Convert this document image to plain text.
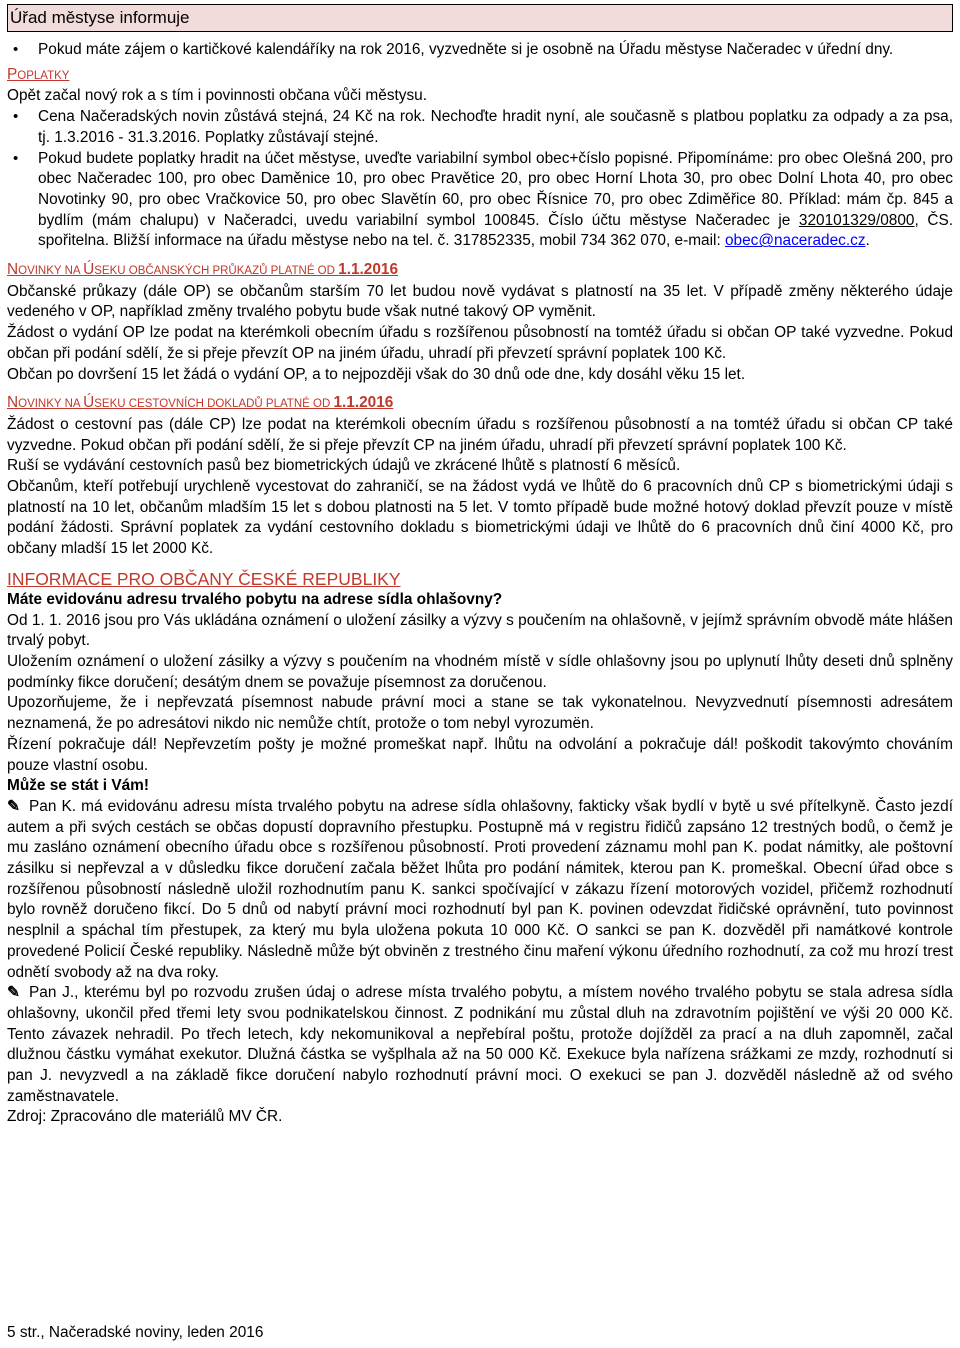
Úřad městyse informuje
• Pokud máte zájem o kartičkové kalendáříky na rok 2016, vyzvedněte si je osobně na Úřadu městyse Načeradec v úřední dny.

POPLATKY

Opět začal nový rok a s tím i povinnosti občana vůči městysu.

• Cena Načeradských novin zůstává stejná, 24 Kč na rok. Nechoďte hradit nyní, ale současně s platbou poplatku za odpady a za psa, tj. 1.3.2016 - 31.3.2016. Poplatky zůstávají stejné.
• Pokud budete poplatky hradit na účet městyse, uveďte variabilní symbol obec+číslo popisné. Připomínáme: pro obec Olešná 200, pro obec Načeradec 100, pro obec Daměnice 10, pro obec Pravětice 20, pro obec Horní Lhota 30, pro obec Dolní Lhota 40, pro obec Novotinky 90, pro obec Vračkovice 50, pro obec Slavětín 60, pro obec Řísnice 70, pro obec Zdiměřice 80. Příklad: mám čp. 845 a bydlím (mám chalupu) v Načeradci, uvedu variabilní symbol 100845. Číslo účtu městyse Načeradec je 320101329/0800, ČS. spořitelna. Bližší informace na úřadu městyse nebo na tel. č. 317852335, mobil 734 362 070, e-mail: obec@naceradec.cz.

NOVINKY NA ÚSEKU OBČANSKÝCH PRŮKAZŮ PLATNÉ OD 1.1.2016

Občanské průkazy (dále OP) se občanům starším 70 let budou nově vydávat s platností na 35 let. V případě změny některého údaje vedeného v OP, například změny trvalého pobytu bude však nutné takový OP vyměnit.

Žádost o vydání OP lze podat na kterémkoli obecním úřadu s rozšířenou působností na tomtéž úřadu si občan OP také vyzvedne. Pokud občan při podání sdělí, že si přeje převzít OP na jiném úřadu, uhradí při převzetí správní poplatek 100 Kč.

Občan po dovršení 15 let žádá o vydání OP, a to nejpozději však do 30 dnů ode dne, kdy dosáhl věku 15 let.

NOVINKY NA ÚSEKU CESTOVNÍCH DOKLADŮ PLATNÉ OD 1.1.2016

Žádost o cestovní pas (dále CP) lze podat na kterémkoli obecním úřadu s rozšířenou působností a na tomtéž úřadu si občan CP také vyzvedne. Pokud občan při podání sdělí, že si přeje převzít CP na jiném úřadu, uhradí při převzetí správní poplatek 100 Kč.

Ruší se vydávání cestovních pasů bez biometrických údajů ve zkrácené lhůtě s platností 6 měsíců.

Občanům, kteří potřebují urychleně vycestovat do zahraničí, se na žádost vydá ve lhůtě do 6 pracovních dnů CP s biometrickými údaji s platností na 10 let, občanům mladším 15 let s dobou platnosti na 5 let. V tomto případě bude možné hotový doklad převzít pouze v místě podání žádosti. Správní poplatek za vydání cestovního dokladu s biometrickými údaji ve lhůtě do 6 pracovních dnů činí 4000 Kč, pro občany mladší 15 let 2000 Kč.

INFORMACE PRO OBČANY ČESKÉ REPUBLIKY

Máte evidovánu adresu trvalého pobytu na adrese sídla ohlašovny?

Od 1. 1. 2016 jsou pro Vás ukládána oznámení o uložení zásilky a výzvy s poučením na ohlašovně, v jejímž správním obvodě máte hlášen trvalý pobyt.

Uložením oznámení o uložení zásilky a výzvy s poučením na vhodném místě v sídle ohlašovny jsou po uplynutí lhůty deseti dnů splněny podmínky fikce doručení; desátým dnem se považuje písemnost za doručenou.

Upozorňujeme, že i nepřevzatá písemnost nabude právní moci a stane se tak vykonatelnou. Nevyzvednutí písemnosti adresátem neznamená, že po adresátovi nikdo nic nemůže chtít, protože o tom nebyl vyrozumën.

Řízení pokračuje dál! Nepřevzetím pošty je možné promeškat např. lhůtu na odvolání a pokračuje dál! poškodit takovýmto chováním pouze vlastní osobu.

Může se stát i Vám!

✎ Pan K. má evidovánu adresu místa trvalého pobytu na adrese sídla ohlašovny, fakticky však bydlí v bytě u své přítelkyně. Často jezdí autem a při svých cestách se občas dopustí dopravního přestupku. Postupně má v registru řidičů zapsáno 12 trestných bodů, o čemž je mu zasláno oznámení obecního úřadu obce s rozšířenou působností. Proti provedení záznamu mohl pan K. podat námitky, ale poštovní zásilku si nepřevzal a v důsledku fikce doručení začala běžet lhůta pro podání námitek, kterou pan K. promeškal. Obecní úřad obce s rozšířenou působností následně uložil rozhodnutím panu K. sankci spočívající v zákazu řízení motorových vozidel, přičemž rozhodnutí bylo rovněž doručeno fikcí. Do 5 dnů od nabytí právní moci rozhodnutí byl pan K. povinen odevzdat řidičské oprávnění, tuto povinnost nesplnil a spáchal tím přestupek, za který mu byla uložena pokuta 10 000 Kč. O sankci se pan K. dozvěděl při namátkové kontrole provedené Policií České republiky. Následně může být obviněn z trestného činu maření výkonu úředního rozhodnutí, za což mu hrozí trest odnětí svobody až na dva roky.

✎ Pan J., kterému byl po rozvodu zrušen údaj o adrese místa trvalého pobytu, a místem nového trvalého pobytu se stala adresa sídla ohlašovny, ukončil před třemi lety svou podnikatelskou činnost. Z podnikání mu zůstal dluh na zdravotním pojištění ve výši 20 000 Kč. Tento závazek nehradil. Po třech letech, kdy nekomunikoval a nepřebíral poštu, protože dojížděl za prací a na dluh zapomněl, začal dlužnou částku vymáhat exekutor. Dlužná částka se vyšplhala až na 50 000 Kč. Exekuce byla nařízena srážkami ze mzdy, rozhodnutí si pan J. nevyzvedl a na základě fikce doručení nabylo rozhodnutí právní moci. O exekuci se pan J. dozvěděl následně až od svého zaměstnavatele.

Zdroj: Zpracováno dle materiálů MV ČR.

5 str., Načeradské noviny, leden 2016
